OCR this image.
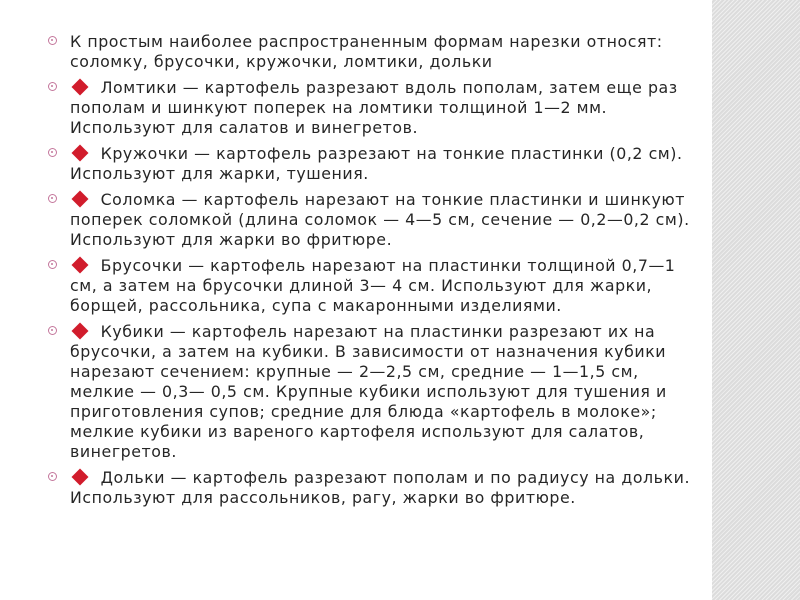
К простым наиболее распространенным формам нарезки относят: соломку, брусочки, кружочки, ломтики, дольки
Ломтики — картофель разрезают вдоль пополам, затем еще раз пополам и шинкуют поперек на ломтики толщиной 1—2 мм. Используют для салатов и винегретов.
Кружочки — картофель разрезают на тонкие пластинки (0,2 см). Используют для жарки, тушения.
Соломка — картофель нарезают на тонкие пластинки и шинкуют поперек соломкой (длина соломок — 4—5 см, сечение — 0,2—0,2 см). Используют для жарки во фритюре.
Брусочки — картофель нарезают на пластинки толщиной 0,7—1 см, а затем на брусочки длиной 3— 4 см. Используют для жарки, борщей, рассольника, супа с макаронными изделиями.
Кубики — картофель нарезают на пластинки разрезают их на брусочки, а затем на кубики. В зависимости от назначения кубики нарезают сечением: крупные — 2—2,5 см, средние — 1—1,5 см, мелкие — 0,3— 0,5 см. Крупные кубики используют для тушения и приготовления супов; средние для блюда «картофель в молоке»; мелкие кубики из вареного картофеля используют для салатов, винегретов.
Дольки — картофель разрезают пополам и по радиусу на дольки. Используют для рассольников, рагу, жарки во фритюре.
